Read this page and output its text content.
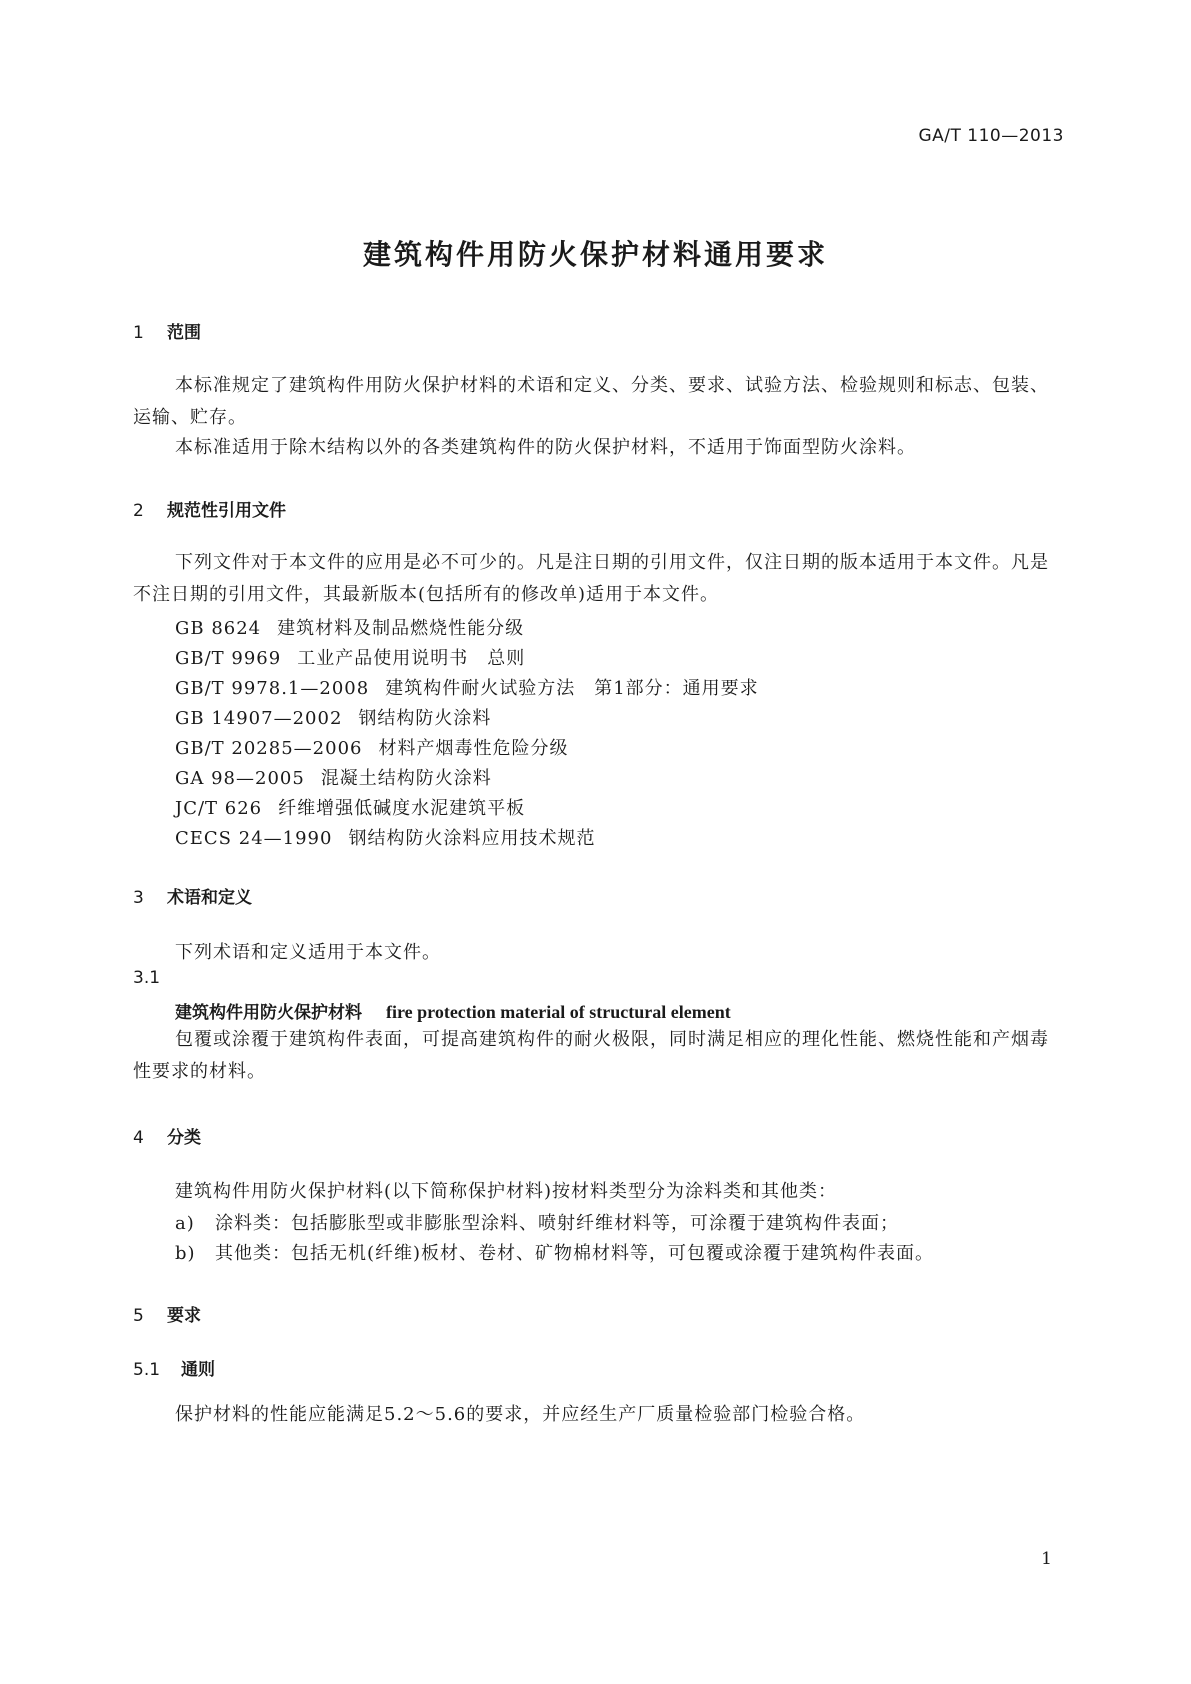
GA/T 110—2013
建筑构件用防火保护材料通用要求
1 范围
本标准规定了建筑构件用防火保护材料的术语和定义、分类、要求、试验方法、检验规则和标志、包装、运输、贮存。
本标准适用于除木结构以外的各类建筑构件的防火保护材料，不适用于饰面型防火涂料。
2 规范性引用文件
下列文件对于本文件的应用是必不可少的。凡是注日期的引用文件，仅注日期的版本适用于本文件。凡是不注日期的引用文件，其最新版本(包括所有的修改单)适用于本文件。
GB 8624 建筑材料及制品燃烧性能分级
GB/T 9969 工业产品使用说明书　总则
GB/T 9978.1—2008 建筑构件耐火试验方法　第1部分：通用要求
GB 14907—2002 钢结构防火涂料
GB/T 20285—2006 材料产烟毒性危险分级
GA 98—2005 混凝土结构防火涂料
JC/T 626 纤维增强低碱度水泥建筑平板
CECS 24—1990 钢结构防火涂料应用技术规范
3 术语和定义
下列术语和定义适用于本文件。
3.1
建筑构件用防火保护材料 fire protection material of structural element
包覆或涂覆于建筑构件表面，可提高建筑构件的耐火极限，同时满足相应的理化性能、燃烧性能和产烟毒性要求的材料。
4 分类
建筑构件用防火保护材料(以下简称保护材料)按材料类型分为涂料类和其他类：
a) 涂料类：包括膨胀型或非膨胀型涂料、喷射纤维材料等，可涂覆于建筑构件表面；
b) 其他类：包括无机(纤维)板材、卷材、矿物棉材料等，可包覆或涂覆于建筑构件表面。
5 要求
5.1 通则
保护材料的性能应能满足5.2～5.6的要求，并应经生产厂质量检验部门检验合格。
1
